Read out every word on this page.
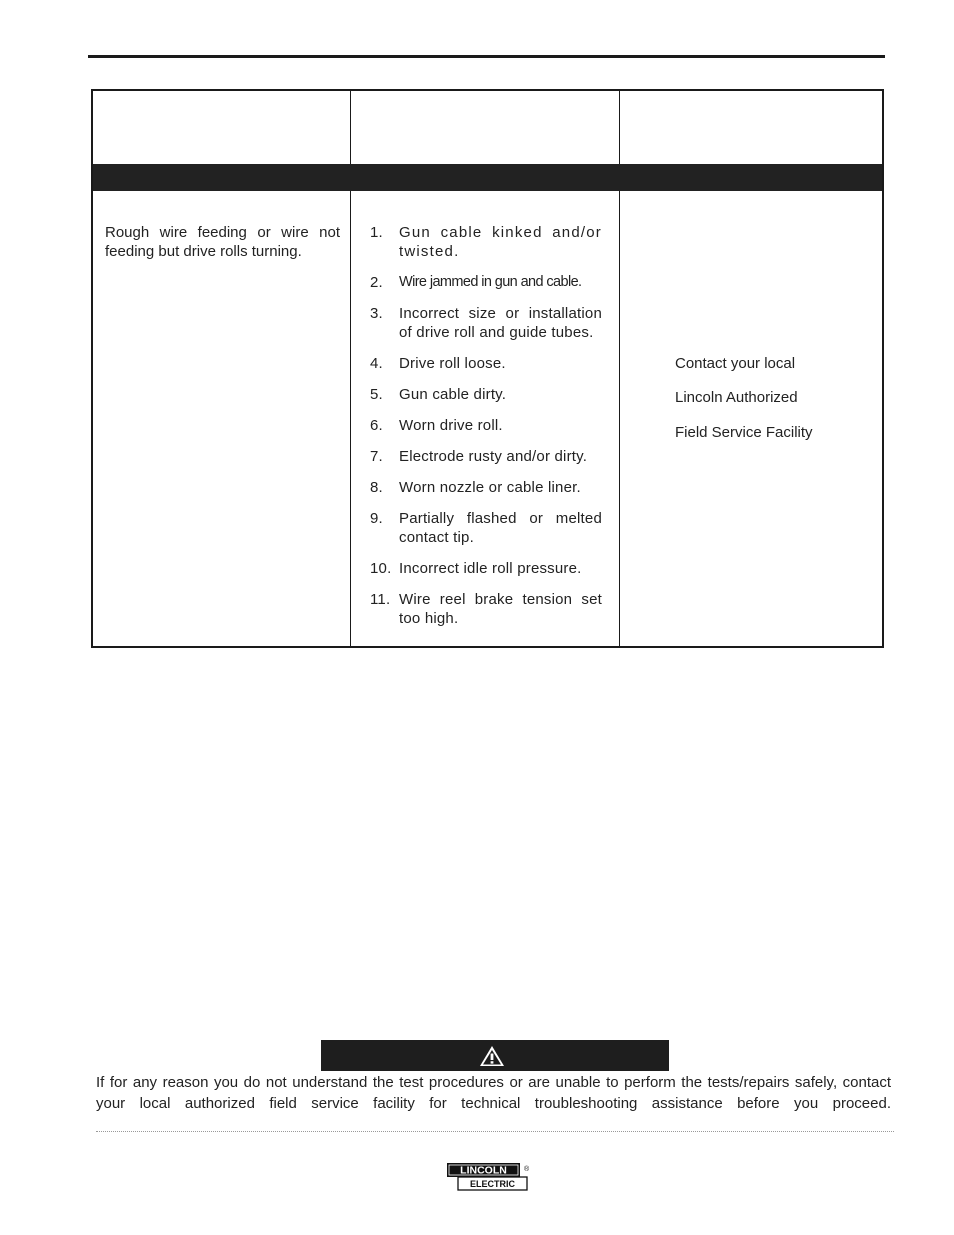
Rough wire feeding or wire not feeding but drive rolls turning.
1. Gun cable kinked and/or twisted.
2. Wire jammed in gun and cable.
3. Incorrect size or installation of drive roll and guide tubes.
4. Drive roll loose.
5. Gun cable dirty.
6. Worn drive roll.
7. Electrode rusty and/or dirty.
8. Worn nozzle or cable liner.
9. Partially flashed or melted contact tip.
10. Incorrect idle roll pressure.
11. Wire reel brake tension set too high.
Contact your local
Lincoln Authorized
Field Service Facility
If for any reason you do not understand the test procedures or are unable to perform the tests/repairs safely, contact your local authorized field service facility for technical troubleshooting assistance before you proceed.
LINCOLN
ELECTRIC
®
